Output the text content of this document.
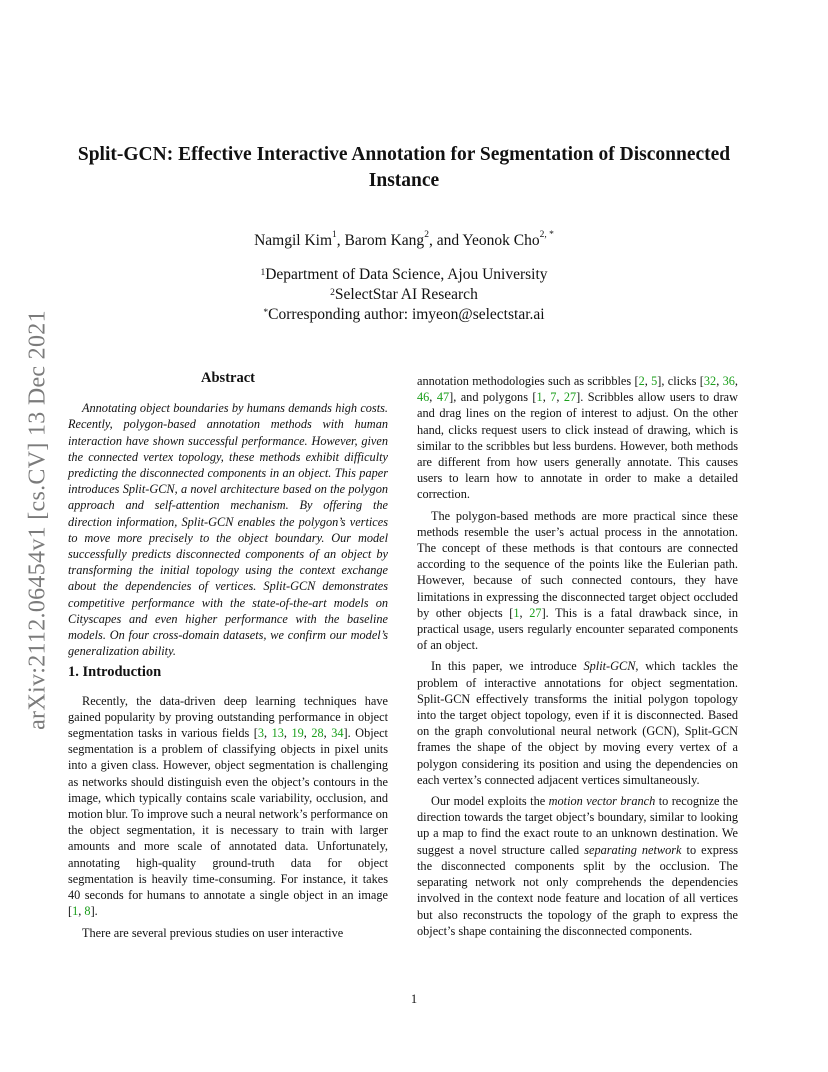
arXiv:2112.06454v1 [cs.CV] 13 Dec 2021
Split-GCN: Effective Interactive Annotation for Segmentation of Disconnected Instance
Namgil Kim$^1$, Barom Kang$^2$, and Yeonok Cho$^{2, *}$
$^1$Department of Data Science, Ajou University
$^2$SelectStar AI Research
*Corresponding author: imyeon@selectstar.ai
Abstract

Annotating object boundaries by humans demands high costs. Recently, polygon-based annotation methods with human interaction have shown successful performance. However, given the connected vertex topology, these methods exhibit difficulty predicting the disconnected components in an object. This paper introduces Split-GCN, a novel architecture based on the polygon approach and self-attention mechanism. By offering the direction information, Split-GCN enables the polygon’s vertices to move more precisely to the object boundary. Our model successfully predicts disconnected components of an object by transforming the initial topology using the context exchange about the dependencies of vertices. Split-GCN demonstrates competitive performance with the state-of-the-art models on Cityscapes and even higher performance with the baseline models. On four cross-domain datasets, we confirm our model’s generalization ability.

1. Introduction

Recently, the data-driven deep learning techniques have gained popularity by proving outstanding performance in object segmentation tasks in various fields [3, 13, 19, 28, 34]. Object segmentation is a problem of classifying objects in pixel units into a given class. However, object segmentation is challenging as networks should distinguish even the object’s contours in the image, which typically contains scale variability, occlusion, and motion blur. To improve such a neural network’s performance on the object segmentation, it is necessary to train with larger amounts and more scale of annotated data. Unfortunately, annotating high-quality ground-truth data for object segmentation is heavily time-consuming. For instance, it takes 40 seconds for humans to annotate a single object in an image [1, 8].

There are several previous studies on user interactive

annotation methodologies such as scribbles [2, 5], clicks [32, 36, 46, 47], and polygons [1, 7, 27]. Scribbles allow users to draw and drag lines on the region of interest to adjust. On the other hand, clicks request users to click instead of drawing, which is similar to the scribbles but less burdens. However, both methods are different from how users generally annotate. This causes users to learn how to annotate in order to make a detailed correction.

The polygon-based methods are more practical since these methods resemble the user’s actual process in the annotation. The concept of these methods is that contours are connected according to the sequence of the points like the Eulerian path. However, because of such connected contours, they have limitations in expressing the disconnected target object occluded by other objects [1, 27]. This is a fatal drawback since, in practical usage, users regularly encounter separated components of an object.

In this paper, we introduce Split-GCN, which tackles the problem of interactive annotations for object segmentation. Split-GCN effectively transforms the initial polygon topology into the target object topology, even if it is disconnected. Based on the graph convolutional neural network (GCN), Split-GCN frames the shape of the object by moving every vertex of a polygon considering its position and using the dependencies on each vertex’s connected adjacent vertices simultaneously.

Our model exploits the motion vector branch to recognize the direction towards the target object’s boundary, similar to looking up a map to find the exact route to an unknown destination. We suggest a novel structure called separating network to express the disconnected components split by the occlusion. The separating network not only comprehends the dependencies involved in the context node feature and location of all vertices but also reconstructs the topology of the graph to express the object’s shape containing the disconnected components.

1
